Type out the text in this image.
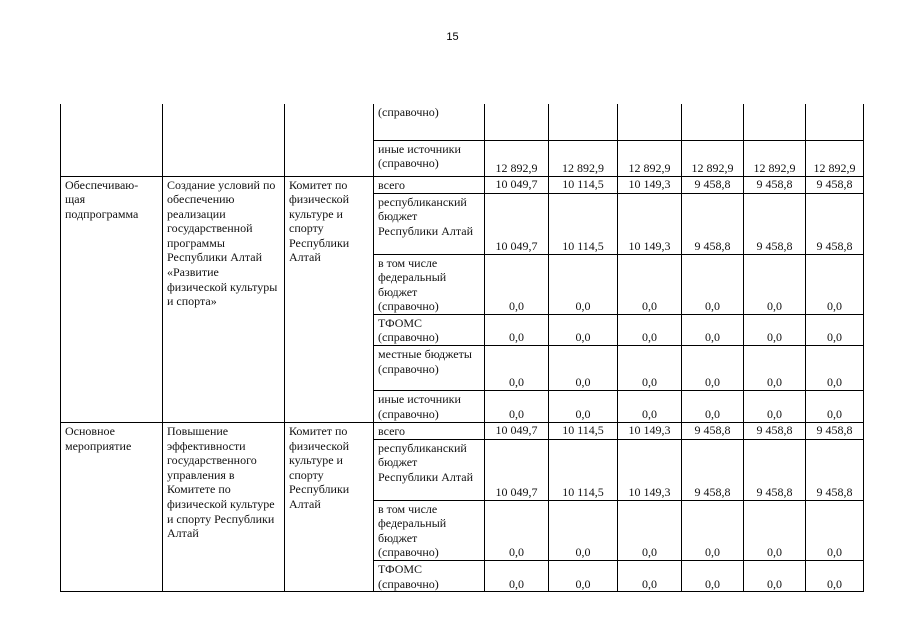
15
			(справочно)						
			иные источники (справочно)	12 892,9	12 892,9	12 892,9	12 892,9	12 892,9	12 892,9
Обеспечиваю-щая подпрограмма	Создание условий по обеспечению реализации государственной программы Республики Алтай «Развитие физической культуры и спорта»	Комитет по физической культуре и спорту Республики Алтай	всего	10 049,7	10 114,5	10 149,3	9 458,8	9 458,8	9 458,8
			республиканский бюджет Республики Алтай	10 049,7	10 114,5	10 149,3	9 458,8	9 458,8	9 458,8
			в том числе федеральный бюджет (справочно)	0,0	0,0	0,0	0,0	0,0	0,0
			ТФОМС (справочно)	0,0	0,0	0,0	0,0	0,0	0,0
			местные бюджеты (справочно)	0,0	0,0	0,0	0,0	0,0	0,0
			иные источники (справочно)	0,0	0,0	0,0	0,0	0,0	0,0
Основное мероприятие	Повышение эффективности государственного управления в Комитете по физической культуре и спорту Республики Алтай	Комитет по физической культуре и спорту Республики Алтай	всего	10 049,7	10 114,5	10 149,3	9 458,8	9 458,8	9 458,8
			республиканский бюджет Республики Алтай	10 049,7	10 114,5	10 149,3	9 458,8	9 458,8	9 458,8
			в том числе федеральный бюджет (справочно)	0,0	0,0	0,0	0,0	0,0	0,0
			ТФОМС (справочно)	0,0	0,0	0,0	0,0	0,0	0,0
